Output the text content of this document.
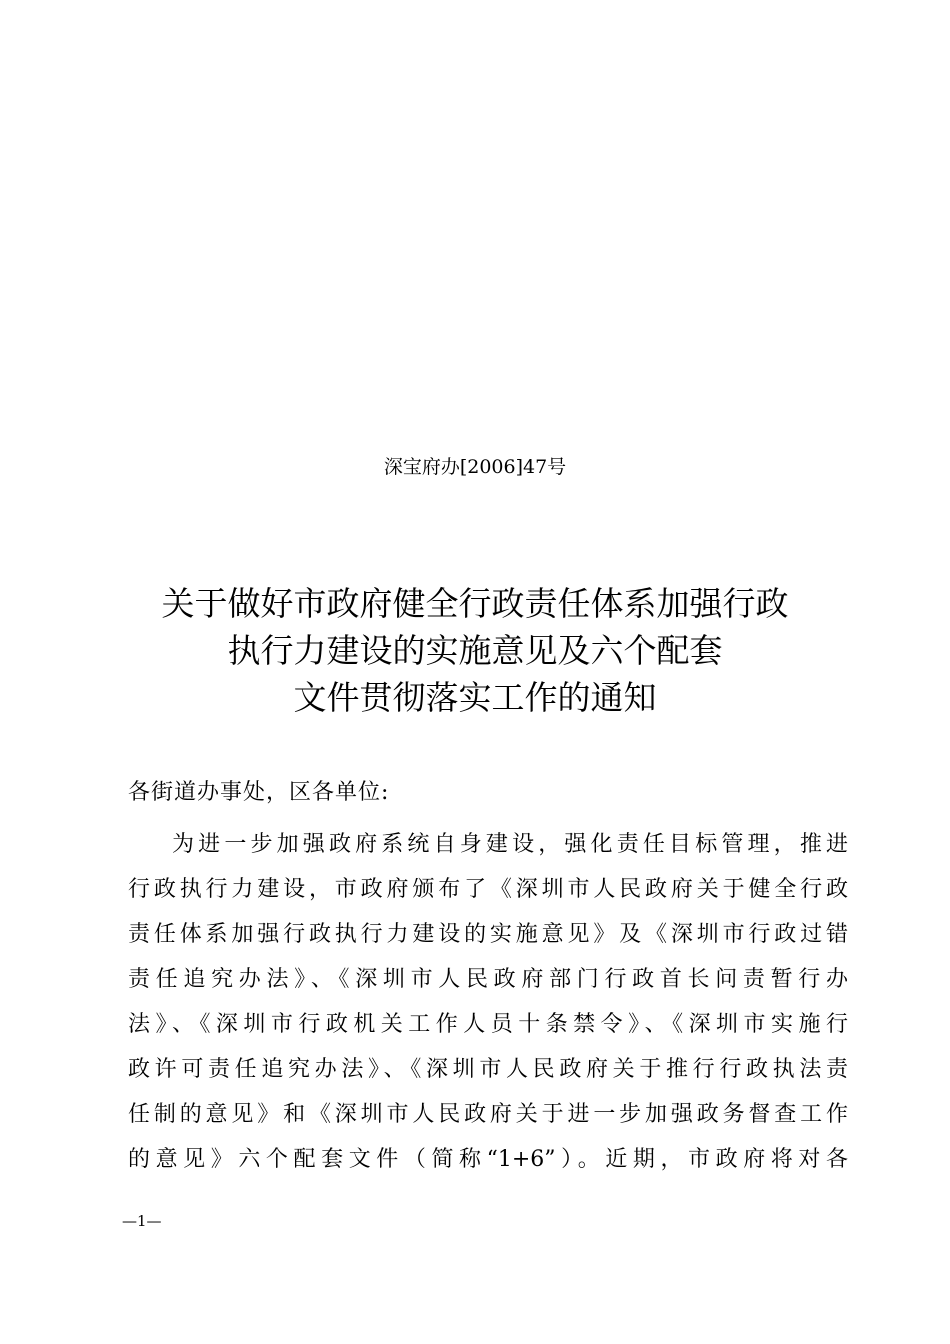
深宝府办[2006]47号
关于做好市政府健全行政责任体系加强行政
执行力建设的实施意见及六个配套
文件贯彻落实工作的通知
各街道办事处，区各单位:
为进一步加强政府系统自身建设，强化责任目标管理，推进
行政执行力建设，市政府颁布了《深圳市人民政府关于健全行政
责任体系加强行政执行力建设的实施意见》及《深圳市行政过错
责任追究办法》、《深圳市人民政府部门行政首长问责暂行办
法》、《深圳市行政机关工作人员十条禁令》、《深圳市实施行
政许可责任追究办法》、《深圳市人民政府关于推行行政执法责
任制的意见》和《深圳市人民政府关于进一步加强政务督查工作
的意见》六个配套文件（简称“1+6”）。近期，市政府将对各
—1—
